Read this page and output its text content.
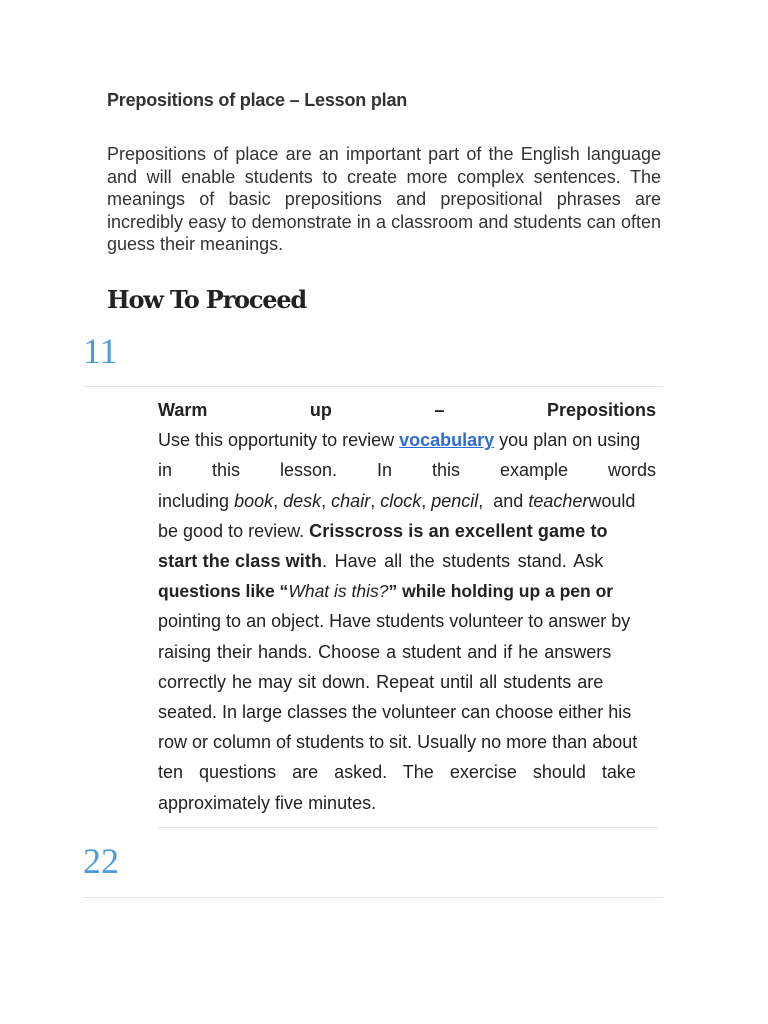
Prepositions of place – Lesson plan
Prepositions of place are an important part of the English language and will enable students to create more complex sentences. The meanings of basic prepositions and prepositional phrases are incredibly easy to demonstrate in a classroom and students can often guess their meanings.
How To Proceed
11
Warm	up	–	Prepositions
Use this opportunity to review vocabulary you plan on using
in this lesson. In this example words
including book, desk, chair, clock, pencil,  and teacherwould
be good to review. Crisscross is an excellent game to
start the class with. Have all the students stand. Ask
questions like “What is this?” while holding up a pen or
pointing to an object. Have students volunteer to answer by
raising their hands. Choose a student and if he answers
correctly he may sit down. Repeat until all students are
seated. In large classes the volunteer can choose either his
row or column of students to sit. Usually no more than about
ten questions are asked. The exercise should take
approximately five minutes.
22
